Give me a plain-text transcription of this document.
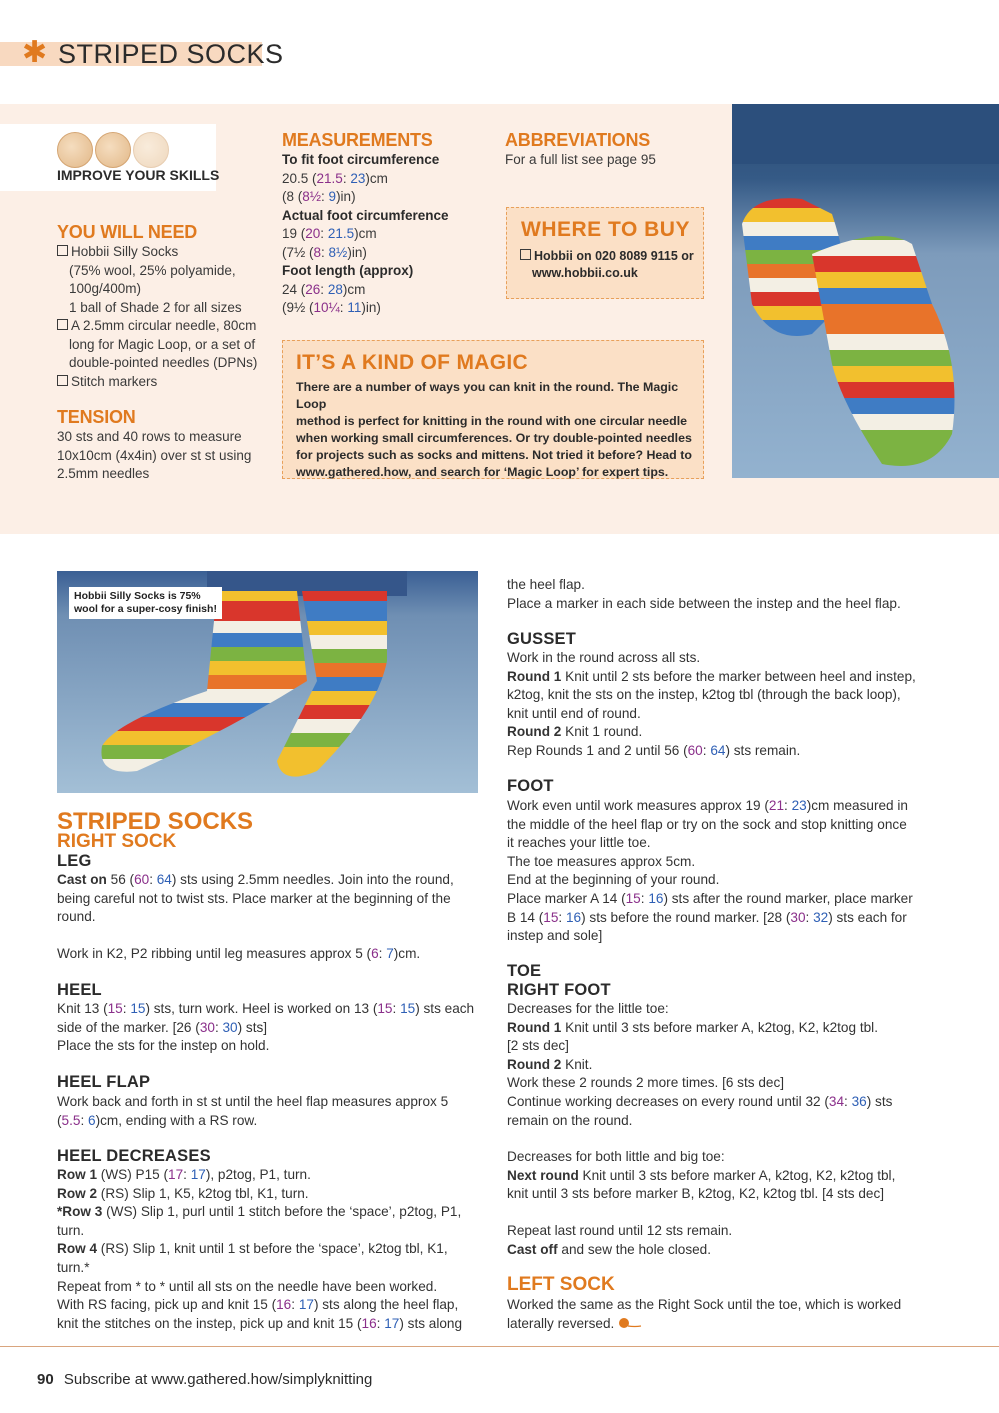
✱ STRIPED SOCKS
IMPROVE YOUR SKILLS
YOU WILL NEED
Hobbii Silly Socks
(75% wool, 25% polyamide,
100g/400m)
1 ball of Shade 2 for all sizes
A 2.5mm circular needle, 80cm
long for Magic Loop, or a set of
double-pointed needles (DPNs)
Stitch markers
TENSION
30 sts and 40 rows to measure
10x10cm (4x4in) over st st using
2.5mm needles
MEASUREMENTS
To fit foot circumference
20.5 (21.5: 23)cm
(8 (8½: 9)in)
Actual foot circumference
19 (20: 21.5)cm
(7½ (8: 8½)in)
Foot length (approx)
24 (26: 28)cm
(9½ (10¼: 11)in)
ABBREVIATIONS
For a full list see page 95
WHERE TO BUY
Hobbii on 020 8089 9115 or
www.hobbii.co.uk
IT’S A KIND OF MAGIC
There are a number of ways you can knit in the round. The Magic Loop
method is perfect for knitting in the round with one circular needle
when working small circumferences. Or try double-pointed needles
for projects such as socks and mittens. Not tried it before? Head to
www.gathered.how, and search for ‘Magic Loop’ for expert tips.
Hobbii Silly Socks is 75%
wool for a super-cosy finish!
STRIPED SOCKS
RIGHT SOCK
LEG

Cast on 56 (60: 64) sts using 2.5mm needles. Join into the round,

being careful not to twist sts. Place marker at the beginning of the

round.

Work in K2, P2 ribbing until leg measures approx 5 (6: 7)cm.

HEEL

Knit 13 (15: 15) sts, turn work. Heel is worked on 13 (15: 15) sts each

side of the marker. [26 (30: 30) sts]

Place the sts for the instep on hold.

HEEL FLAP

Work back and forth in st st until the heel flap measures approx 5

(5.5: 6)cm, ending with a RS row.

HEEL DECREASES

Row 1 (WS) P15 (17: 17), p2tog, P1, turn.

Row 2 (RS) Slip 1, K5, k2tog tbl, K1, turn.

*Row 3 (WS) Slip 1, purl until 1 stitch before the ‘space’, p2tog, P1,

turn.

Row 4 (RS) Slip 1, knit until 1 st before the ‘space’, k2tog tbl, K1,

turn.*

Repeat from * to * until all sts on the needle have been worked.

With RS facing, pick up and knit 15 (16: 17) sts along the heel flap,

knit the stitches on the instep, pick up and knit 15 (16: 17) sts along

the heel flap.

Place a marker in each side between the instep and the heel flap.

GUSSET

Work in the round across all sts.

Round 1 Knit until 2 sts before the marker between heel and instep,

k2tog, knit the sts on the instep, k2tog tbl (through the back loop),

knit until end of round.

Round 2 Knit 1 round.

Rep Rounds 1 and 2 until 56 (60: 64) sts remain.

FOOT

Work even until work measures approx 19 (21: 23)cm measured in

the middle of the heel flap or try on the sock and stop knitting once

it reaches your little toe.

The toe measures approx 5cm.

End at the beginning of your round.

Place marker A 14 (15: 16) sts after the round marker, place marker

B 14 (15: 16) sts before the round marker. [28 (30: 32) sts each for

instep and sole]

TOE
RIGHT FOOT

Decreases for the little toe:

Round 1 Knit until 3 sts before marker A, k2tog, K2, k2tog tbl.

[2 sts dec]

Round 2 Knit.

Work these 2 rounds 2 more times. [6 sts dec]

Continue working decreases on every round until 32 (34: 36) sts

remain on the round.

Decreases for both little and big toe:

Next round Knit until 3 sts before marker A, k2tog, K2, k2tog tbl,

knit until 3 sts before marker B, k2tog, K2, k2tog tbl. [4 sts dec]

Repeat last round until 12 sts remain.

Cast off and sew the hole closed.

LEFT SOCK

Worked the same as the Right Sock until the toe, which is worked

laterally reversed.

90 Subscribe at www.gathered.how/simplyknitting
